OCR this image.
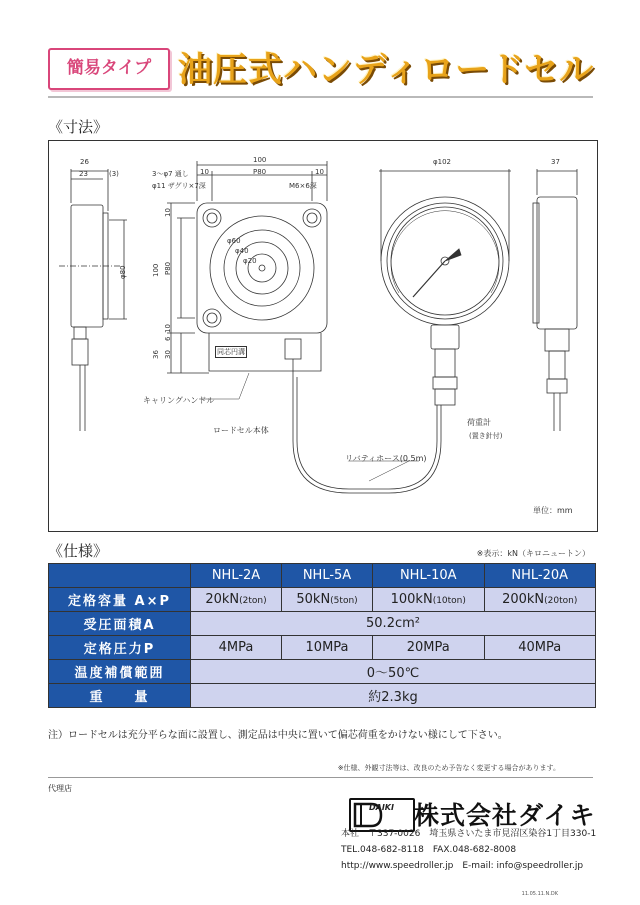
簡易タイプ 油圧式ハンディロードセル
《寸法》
26
23	(3)
φ80
100
3～φ7 通し
φ11 ザグリ×7深
10	P80	10
M6×6深
φ60
φ40
φ20
10
100 P80
10
6
36 30	同芯円溝
キャリングハンドル
ロードセル本体
φ102	37
荷重計
(置き針付)
リバティホース(0.5m)
単位：mm
《仕様》	※表示：kN（キロニュートン）
	NHL-2A	NHL-5A	NHL-10A	NHL-20A
定格容量 A×P	20kN(2ton)	50kN(5ton)	100kN(10ton)	200kN(20ton)
受圧面積A	50.2cm²			
定格圧力P	4MPa	10MPa	20MPa	40MPa
温度補償範囲	0～50℃			
重　　量	約2.3kg			
注）ロードセルは充分平らな面に設置し、測定品は中央に置いて偏芯荷重をかけない様にして下さい。
※仕様、外観寸法等は、改良のため予告なく変更する場合があります。
代理店
DAIKI 株式会社ダイキ
本社　〒337-0026　埼玉県さいたま市見沼区染谷1丁目330-1
TEL.048-682-8118　FAX.048-682-8008
http://www.speedroller.jp　E-mail: info@speedroller.jp
11.05.11.N.DK
